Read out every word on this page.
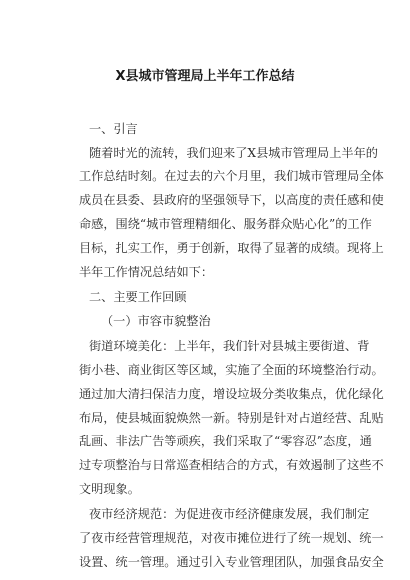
X县城市管理局上半年工作总结
一、引言
随着时光的流转，我们迎来了X县城市管理局上半年的
工作总结时刻。在过去的六个月里，我们城市管理局全体
成员在县委、县政府的坚强领导下，以高度的责任感和使
命感，围绕“城市管理精细化、服务群众贴心化”的工作
目标，扎实工作，勇于创新，取得了显著的成绩。现将上
半年工作情况总结如下：
二、主要工作回顾
（一）市容市貌整治
街道环境美化：上半年，我们针对县城主要街道、背
街小巷、商业街区等区域，实施了全面的环境整治行动。
通过加大清扫保洁力度，增设垃圾分类收集点，优化绿化
布局，使县城面貌焕然一新。特别是针对占道经营、乱贴
乱画、非法广告等顽疾，我们采取了“零容忍”态度，通
过专项整治与日常巡查相结合的方式，有效遏制了这些不
文明现象。
夜市经济规范：为促进夜市经济健康发展，我们制定
了夜市经营管理规范，对夜市摊位进行了统一规划、统一
设置、统一管理。通过引入专业管理团队，加强食品安全
